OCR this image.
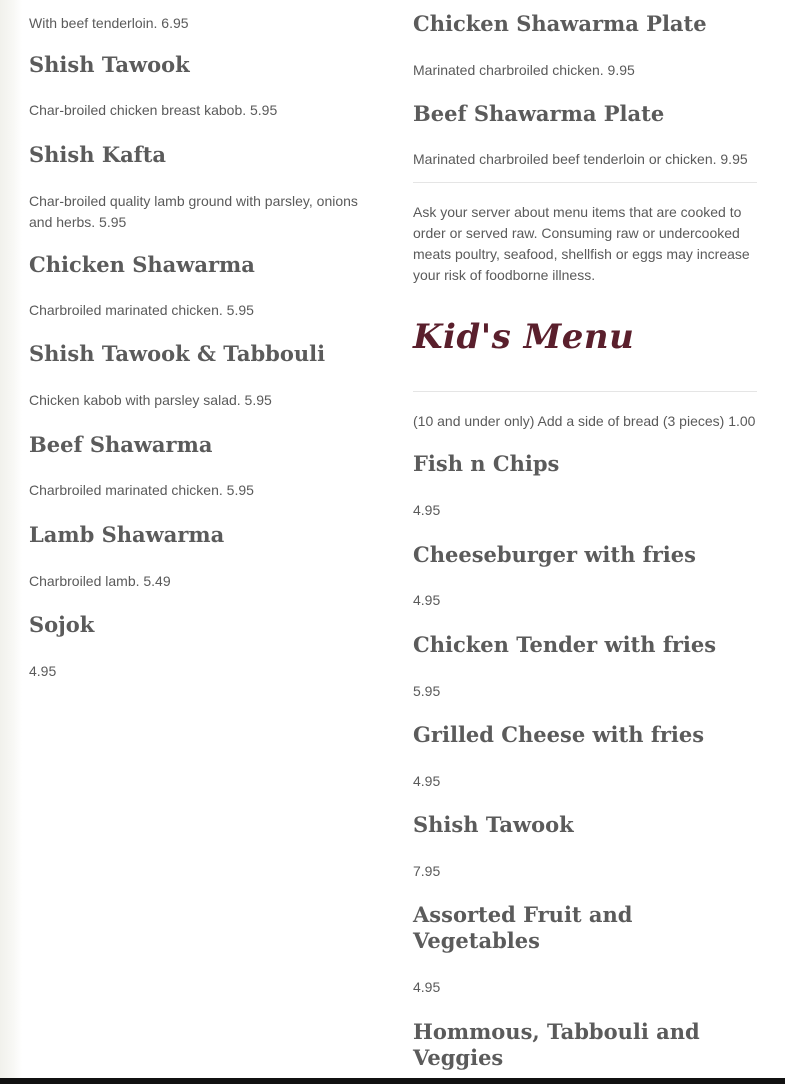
With beef tenderloin. 6.95

Shish Tawook

Char-broiled chicken breast kabob. 5.95

Shish Kafta

Char-broiled quality lamb ground with parsley, onions and herbs. 5.95

Chicken Shawarma

Charbroiled marinated chicken. 5.95

Shish Tawook & Tabbouli

Chicken kabob with parsley salad. 5.95

Beef Shawarma

Charbroiled marinated chicken. 5.95

Lamb Shawarma

Charbroiled lamb. 5.49

Sojok

4.95

Chicken Shawarma Plate

Marinated charbroiled chicken. 9.95

Beef Shawarma Plate

Marinated charbroiled beef tenderloin or chicken. 9.95

Ask your server about menu items that are cooked to order or served raw. Consuming raw or undercooked meats poultry, seafood, shellfish or eggs may increase your risk of foodborne illness.

Kid's Menu

(10 and under only) Add a side of bread (3 pieces) 1.00

Fish n Chips

4.95

Cheeseburger with fries

4.95

Chicken Tender with fries

5.95

Grilled Cheese with fries

4.95

Shish Tawook

7.95

Assorted Fruit and Vegetables

4.95

Hommous, Tabbouli and Veggies
